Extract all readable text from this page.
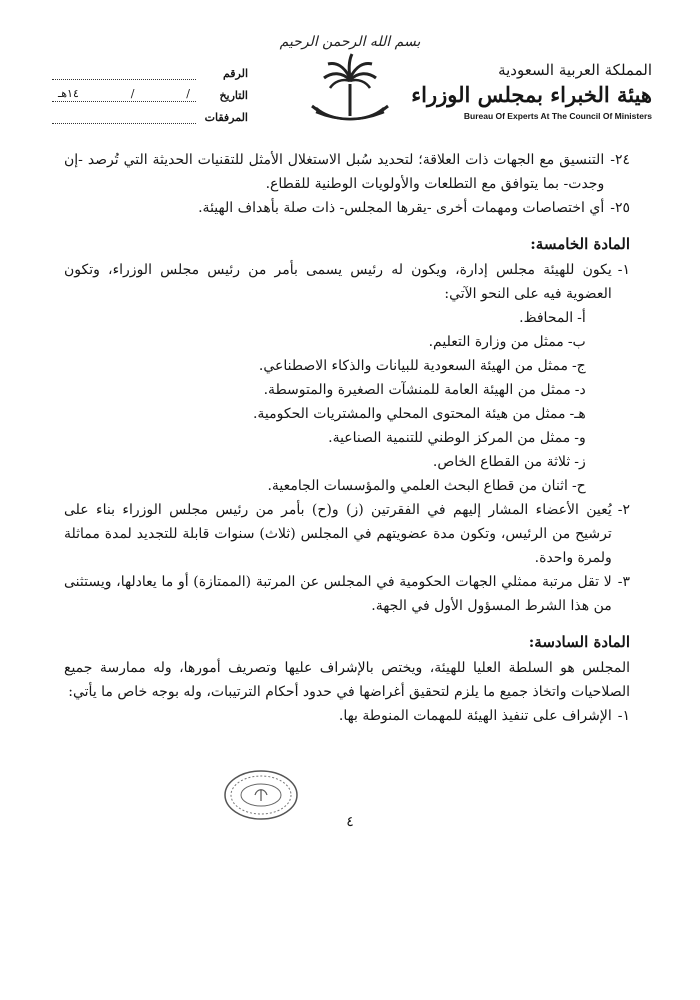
بسم الله الرحمن الرحيم
المملكة العربية السعودية
هيئة الخبراء بمجلس الوزراء
Bureau Of Experts At The Council Of Ministers
الرقم
التاريخ
١٤هـ	/	/
المرفقات
٢٤-
التنسيق مع الجهات ذات العلاقة؛ لتحديد سُبل الاستغلال الأمثل للتقنيات الحديثة التي تُرصد -إن وجدت- بما يتوافق مع التطلعات والأولويات الوطنية للقطاع.
٢٥-
أي اختصاصات ومهمات أخرى -يقرها المجلس- ذات صلة بأهداف الهيئة.
المادة الخامسة:
١-
يكون للهيئة مجلس إدارة، ويكون له رئيس يسمى بأمر من رئيس مجلس الوزراء، وتكون العضوية فيه على النحو الآتي:
أ-
المحافظ.
ب-
ممثل من وزارة التعليم.
ج-
ممثل من الهيئة السعودية للبيانات والذكاء الاصطناعي.
د-
ممثل من الهيئة العامة للمنشآت الصغيرة والمتوسطة.
هـ-
ممثل من هيئة المحتوى المحلي والمشتريات الحكومية.
و-
ممثل من المركز الوطني للتنمية الصناعية.
ز-
ثلاثة من القطاع الخاص.
ح-
اثنان من قطاع البحث العلمي والمؤسسات الجامعية.
٢-
يُعين الأعضاء المشار إليهم في الفقرتين (ز) و(ح) بأمر من رئيس مجلس الوزراء بناء على ترشيح من الرئيس، وتكون مدة عضويتهم في المجلس (ثلاث) سنوات قابلة للتجديد لمدة مماثلة ولمرة واحدة.
٣-
لا تقل مرتبة ممثلي الجهات الحكومية في المجلس عن المرتبة (الممتازة) أو ما يعادلها، ويستثنى من هذا الشرط المسؤول الأول في الجهة.
المادة السادسة:

المجلس هو السلطة العليا للهيئة، ويختص بالإشراف عليها وتصريف أمورها، وله ممارسة جميع الصلاحيات واتخاذ جميع ما يلزم لتحقيق أغراضها في حدود أحكام الترتيبات، وله بوجه خاص ما يأتي:

١-
الإشراف على تنفيذ الهيئة للمهمات المنوطة بها.
٤
